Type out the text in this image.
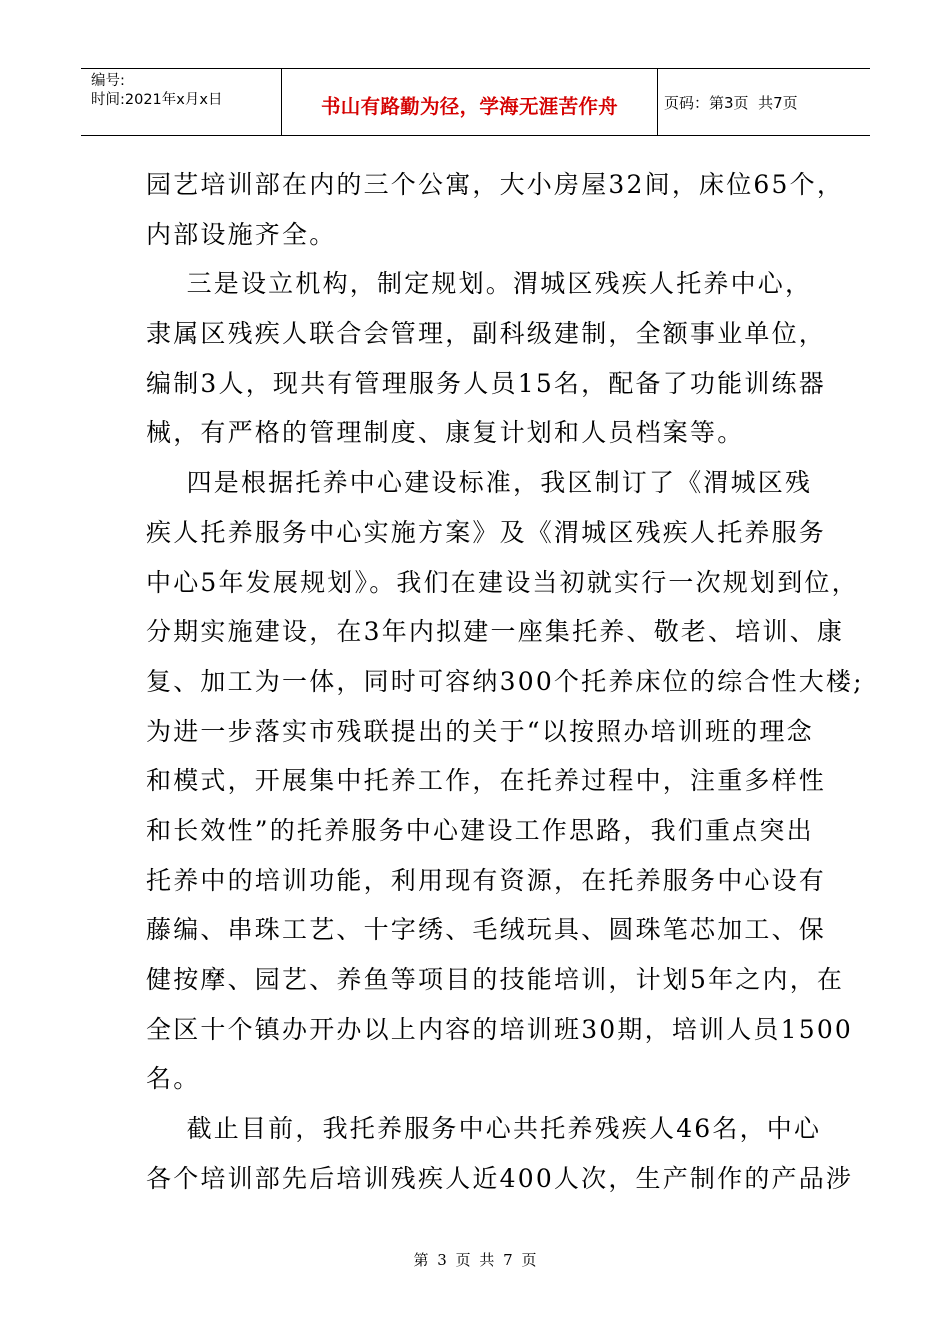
编号:
时间:2021年x月x日	书山有路勤为径，学海无涯苦作舟	页码：第3页  共7页
园艺培训部在内的三个公寓，大小房屋32间，床位65个，
内部设施齐全。
三是设立机构，制定规划。渭城区残疾人托养中心，
隶属区残疾人联合会管理，副科级建制，全额事业单位，
编制3人，现共有管理服务人员15名，配备了功能训练器
械，有严格的管理制度、康复计划和人员档案等。
四是根据托养中心建设标准，我区制订了《渭城区残
疾人托养服务中心实施方案》及《渭城区残疾人托养服务
中心5年发展规划》。我们在建设当初就实行一次规划到位，
分期实施建设，在3年内拟建一座集托养、敬老、培训、康
复、加工为一体，同时可容纳300个托养床位的综合性大楼;
为进一步落实市残联提出的关于“以按照办培训班的理念
和模式，开展集中托养工作，在托养过程中，注重多样性
和长效性”的托养服务中心建设工作思路，我们重点突出
托养中的培训功能，利用现有资源，在托养服务中心设有
藤编、串珠工艺、十字绣、毛绒玩具、圆珠笔芯加工、保
健按摩、园艺、养鱼等项目的技能培训，计划5年之内，在
全区十个镇办开办以上内容的培训班30期，培训人员1500
名。
截止目前，我托养服务中心共托养残疾人46名，中心
各个培训部先后培训残疾人近400人次，生产制作的产品涉
第 3 页 共 7 页
